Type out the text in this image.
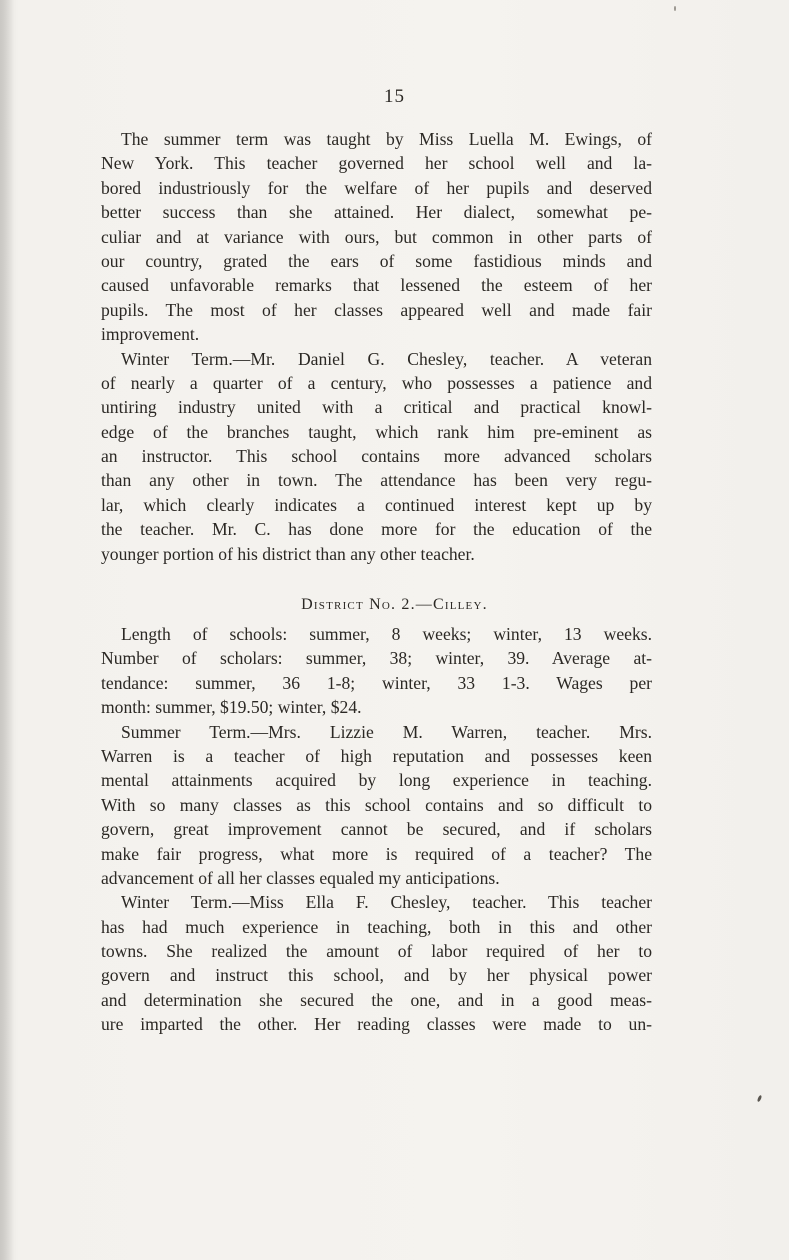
15
The summer term was taught by Miss Luella M. Ewings, of
New York. This teacher governed her school well and la-
bored industriously for the welfare of her pupils and deserved
better success than she attained. Her dialect, somewhat pe-
culiar and at variance with ours, but common in other parts of
our country, grated the ears of some fastidious minds and
caused unfavorable remarks that lessened the esteem of her
pupils. The most of her classes appeared well and made fair
improvement.
Winter Term.—Mr. Daniel G. Chesley, teacher. A veteran
of nearly a quarter of a century, who possesses a patience and
untiring industry united with a critical and practical knowl-
edge of the branches taught, which rank him pre-eminent as
an instructor. This school contains more advanced scholars
than any other in town. The attendance has been very regu-
lar, which clearly indicates a continued interest kept up by
the teacher. Mr. C. has done more for the education of the
younger portion of his district than any other teacher.
District No. 2.—Cilley.
Length of schools: summer, 8 weeks; winter, 13 weeks.
Number of scholars: summer, 38; winter, 39. Average at-
tendance: summer, 36 1-8; winter, 33 1-3. Wages per
month: summer, $19.50; winter, $24.
Summer Term.—Mrs. Lizzie M. Warren, teacher. Mrs.
Warren is a teacher of high reputation and possesses keen
mental attainments acquired by long experience in teaching.
With so many classes as this school contains and so difficult to
govern, great improvement cannot be secured, and if scholars
make fair progress, what more is required of a teacher? The
advancement of all her classes equaled my anticipations.
Winter Term.—Miss Ella F. Chesley, teacher. This teacher
has had much experience in teaching, both in this and other
towns. She realized the amount of labor required of her to
govern and instruct this school, and by her physical power
and determination she secured the one, and in a good meas-
ure imparted the other. Her reading classes were made to un-
